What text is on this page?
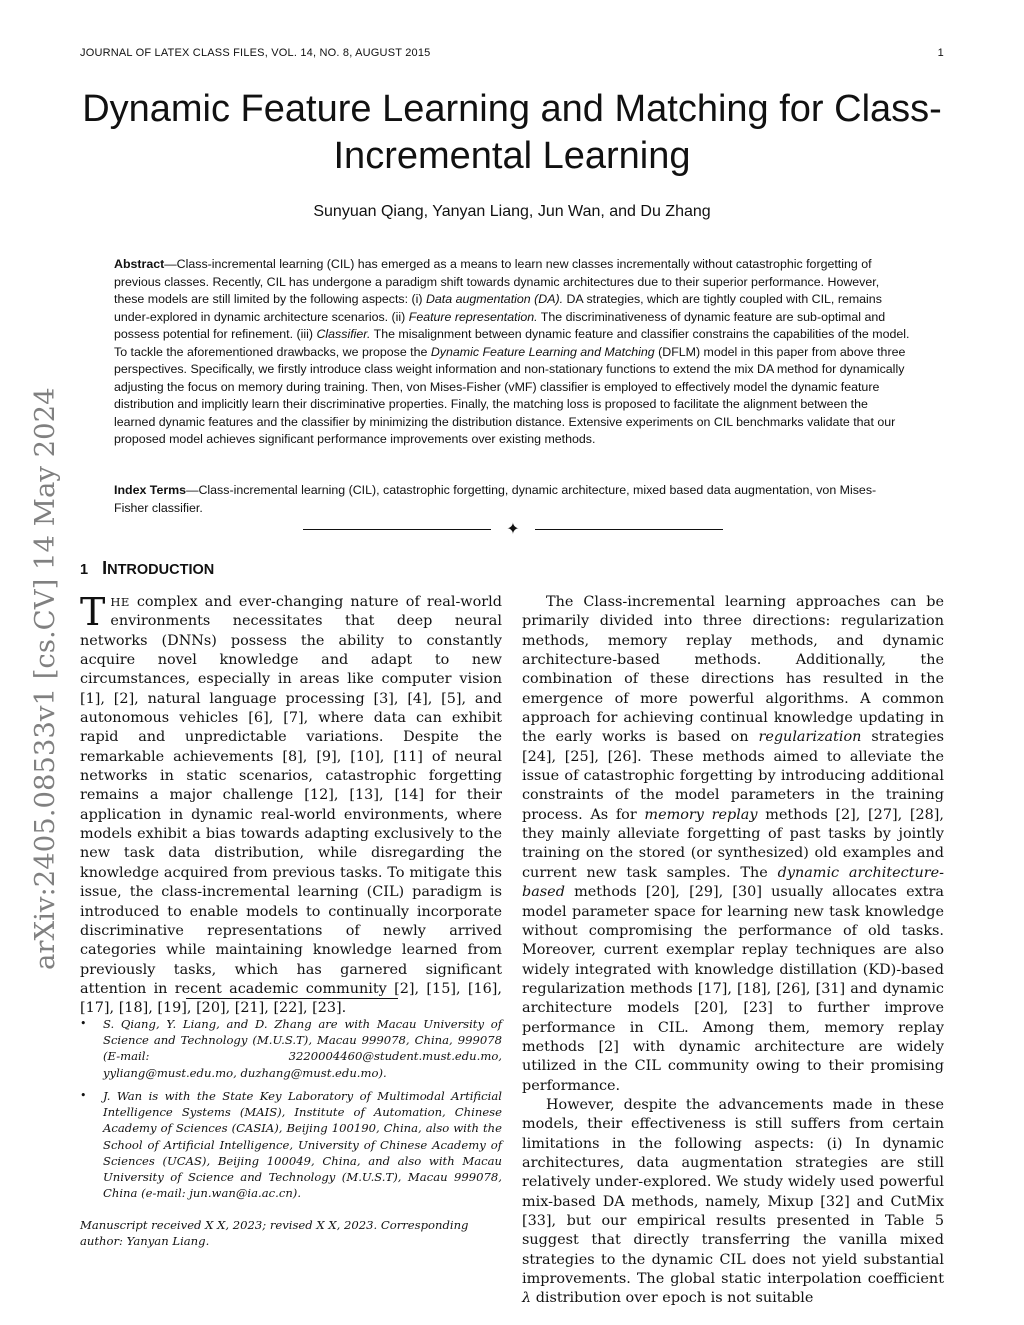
JOURNAL OF LATEX CLASS FILES, VOL. 14, NO. 8, AUGUST 2015	1
Dynamic Feature Learning and Matching for Class-Incremental Learning
Sunyuan Qiang, Yanyan Liang, Jun Wan, and Du Zhang

Abstract—Class-incremental learning (CIL) has emerged as a means to learn new classes incrementally without catastrophic forgetting of previous classes. Recently, CIL has undergone a paradigm shift towards dynamic architectures due to their superior performance. However, these models are still limited by the following aspects: (i) Data augmentation (DA). DA strategies, which are tightly coupled with CIL, remains under-explored in dynamic architecture scenarios. (ii) Feature representation. The discriminativeness of dynamic feature are sub-optimal and possess potential for refinement. (iii) Classifier. The misalignment between dynamic feature and classifier constrains the capabilities of the model. To tackle the aforementioned drawbacks, we propose the Dynamic Feature Learning and Matching (DFLM) model in this paper from above three perspectives. Specifically, we firstly introduce class weight information and non-stationary functions to extend the mix DA method for dynamically adjusting the focus on memory during training. Then, von Mises-Fisher (vMF) classifier is employed to effectively model the dynamic feature distribution and implicitly learn their discriminative properties. Finally, the matching loss is proposed to facilitate the alignment between the learned dynamic features and the classifier by minimizing the distribution distance. Extensive experiments on CIL benchmarks validate that our proposed model achieves significant performance improvements over existing methods.

Index Terms—Class-incremental learning (CIL), catastrophic forgetting, dynamic architecture, mixed based data augmentation, von Mises-Fisher classifier.

✦
arXiv:2405.08533v1 [cs.CV] 14 May 2024 1 INTRODUCTION

THE complex and ever-changing nature of real-world environments necessitates that deep neural networks (DNNs) possess the ability to constantly acquire novel knowledge and adapt to new circumstances, especially in areas like computer vision [1], [2], natural language processing [3], [4], [5], and autonomous vehicles [6], [7], where data can exhibit rapid and unpredictable variations. Despite the remarkable achievements [8], [9], [10], [11] of neural networks in static scenarios, catastrophic forgetting remains a major challenge [12], [13], [14] for their application in dynamic real-world environments, where models exhibit a bias towards adapting exclusively to the new task data distribution, while disregarding the knowledge acquired from previous tasks. To mitigate this issue, the class-incremental learning (CIL) paradigm is introduced to enable models to continually incorporate discriminative representations of newly arrived categories while maintaining knowledge learned from previously tasks, which has garnered significant attention in recent academic community [2], [15], [16], [17], [18], [19], [20], [21], [22], [23].

• S. Qiang, Y. Liang, and D. Zhang are with Macau University of Science and Technology (M.U.S.T), Macau 999078, China, 999078 (E-mail: 3220004460@student.must.edu.mo, yyliang@must.edu.mo, duzhang@must.edu.mo).

• J. Wan is with the State Key Laboratory of Multimodal Artificial Intelligence Systems (MAIS), Institute of Automation, Chinese Academy of Sciences (CASIA), Beijing 100190, China, also with the School of Artificial Intelligence, University of Chinese Academy of Sciences (UCAS), Beijing 100049, China, and also with Macau University of Science and Technology (M.U.S.T), Macau 999078, China (e-mail: jun.wan@ia.ac.cn).

Manuscript received X X, 2023; revised X X, 2023. Corresponding author: Yanyan Liang.

The Class-incremental learning approaches can be primarily divided into three directions: regularization methods, memory replay methods, and dynamic architecture-based methods. Additionally, the combination of these directions has resulted in the emergence of more powerful algorithms. A common approach for achieving continual knowledge updating in the early works is based on regularization strategies [24], [25], [26]. These methods aimed to alleviate the issue of catastrophic forgetting by introducing additional constraints of the model parameters in the training process. As for memory replay methods [2], [27], [28], they mainly alleviate forgetting of past tasks by jointly training on the stored (or synthesized) old examples and current new task samples. The dynamic architecture-based methods [20], [29], [30] usually allocates extra model parameter space for learning new task knowledge without compromising the performance of old tasks. Moreover, current exemplar replay techniques are also widely integrated with knowledge distillation (KD)-based regularization methods [17], [18], [26], [31] and dynamic architecture models [20], [23] to further improve performance in CIL. Among them, memory replay methods [2] with dynamic architecture are widely utilized in the CIL community owing to their promising performance.

However, despite the advancements made in these models, their effectiveness is still suffers from certain limitations in the following aspects: (i) In dynamic architectures, data augmentation strategies are still relatively under-explored. We study widely used powerful mix-based DA methods, namely, Mixup [32] and CutMix [33], but our empirical results presented in Table 5 suggest that directly transferring the vanilla mixed strategies to the dynamic CIL does not yield substantial improvements. The global static interpolation coefficient λ distribution over epoch is not suitable
